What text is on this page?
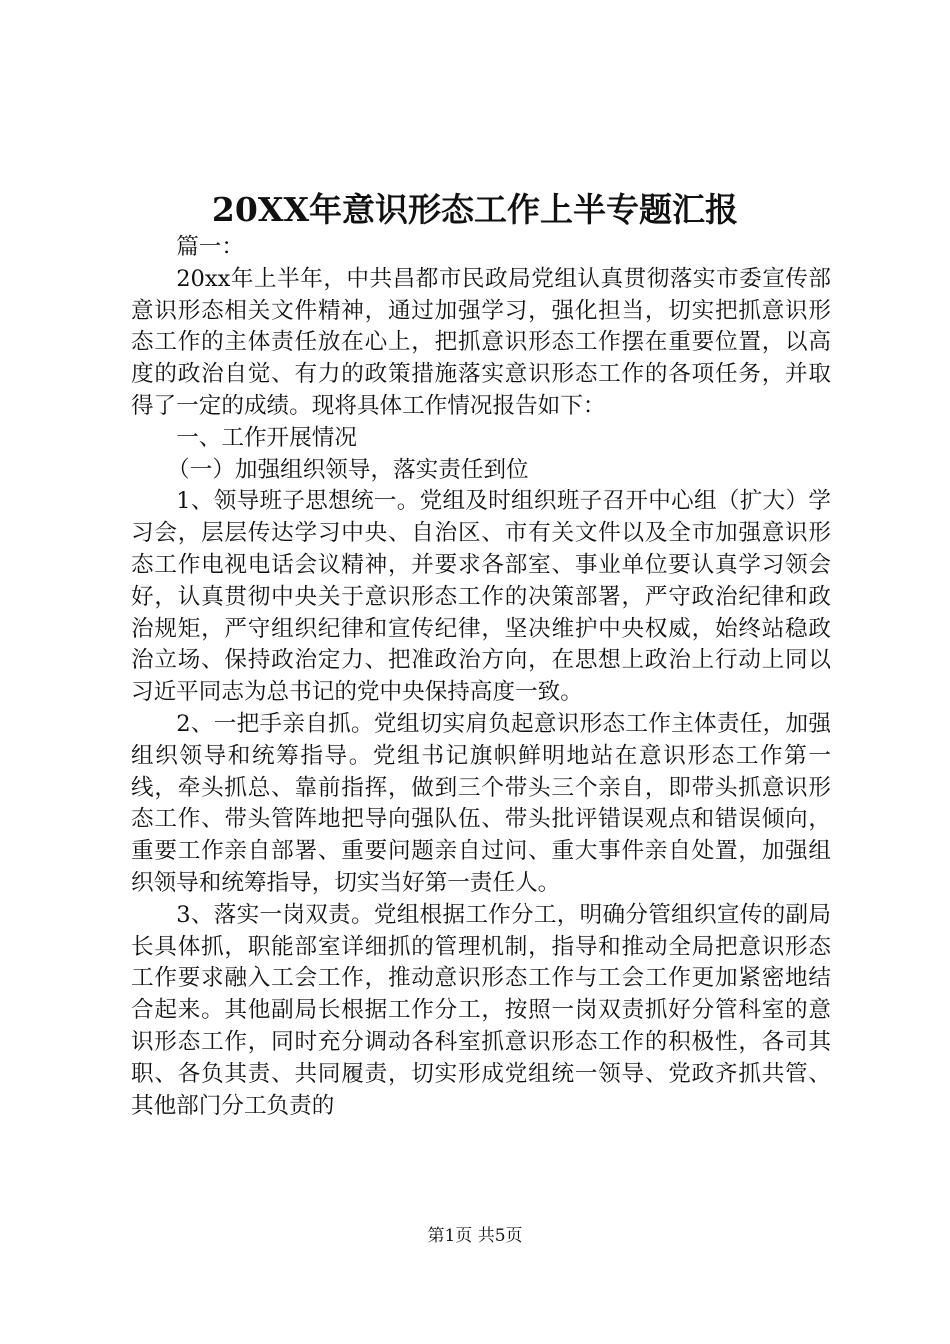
20XX年意识形态工作上半专题汇报

篇一：

20xx年上半年，中共昌都市民政局党组认真贯彻落实市委宣传部意识形态相关文件精神，通过加强学习，强化担当，切实把抓意识形态工作的主体责任放在心上，把抓意识形态工作摆在重要位置，以高度的政治自觉、有力的政策措施落实意识形态工作的各项任务，并取得了一定的成绩。现将具体工作情况报告如下：

一、工作开展情况

（一）加强组织领导，落实责任到位

1、领导班子思想统一。党组及时组织班子召开中心组（扩大）学习会，层层传达学习中央、自治区、市有关文件以及全市加强意识形态工作电视电话会议精神，并要求各部室、事业单位要认真学习领会好，认真贯彻中央关于意识形态工作的决策部署，严守政治纪律和政治规矩，严守组织纪律和宣传纪律，坚决维护中央权威，始终站稳政治立场、保持政治定力、把准政治方向，在思想上政治上行动上同以习近平同志为总书记的党中央保持高度一致。

2、一把手亲自抓。党组切实肩负起意识形态工作主体责任，加强组织领导和统筹指导。党组书记旗帜鲜明地站在意识形态工作第一线，牵头抓总、靠前指挥，做到三个带头三个亲自，即带头抓意识形态工作、带头管阵地把导向强队伍、带头批评错误观点和错误倾向，重要工作亲自部署、重要问题亲自过问、重大事件亲自处置，加强组织领导和统筹指导，切实当好第一责任人。

3、落实一岗双责。党组根据工作分工，明确分管组织宣传的副局长具体抓，职能部室详细抓的管理机制，指导和推动全局把意识形态工作要求融入工会工作，推动意识形态工作与工会工作更加紧密地结合起来。其他副局长根据工作分工，按照一岗双责抓好分管科室的意识形态工作，同时充分调动各科室抓意识形态工作的积极性，各司其职、各负其责、共同履责，切实形成党组统一领导、党政齐抓共管、其他部门分工负责的

第1页 共5页
